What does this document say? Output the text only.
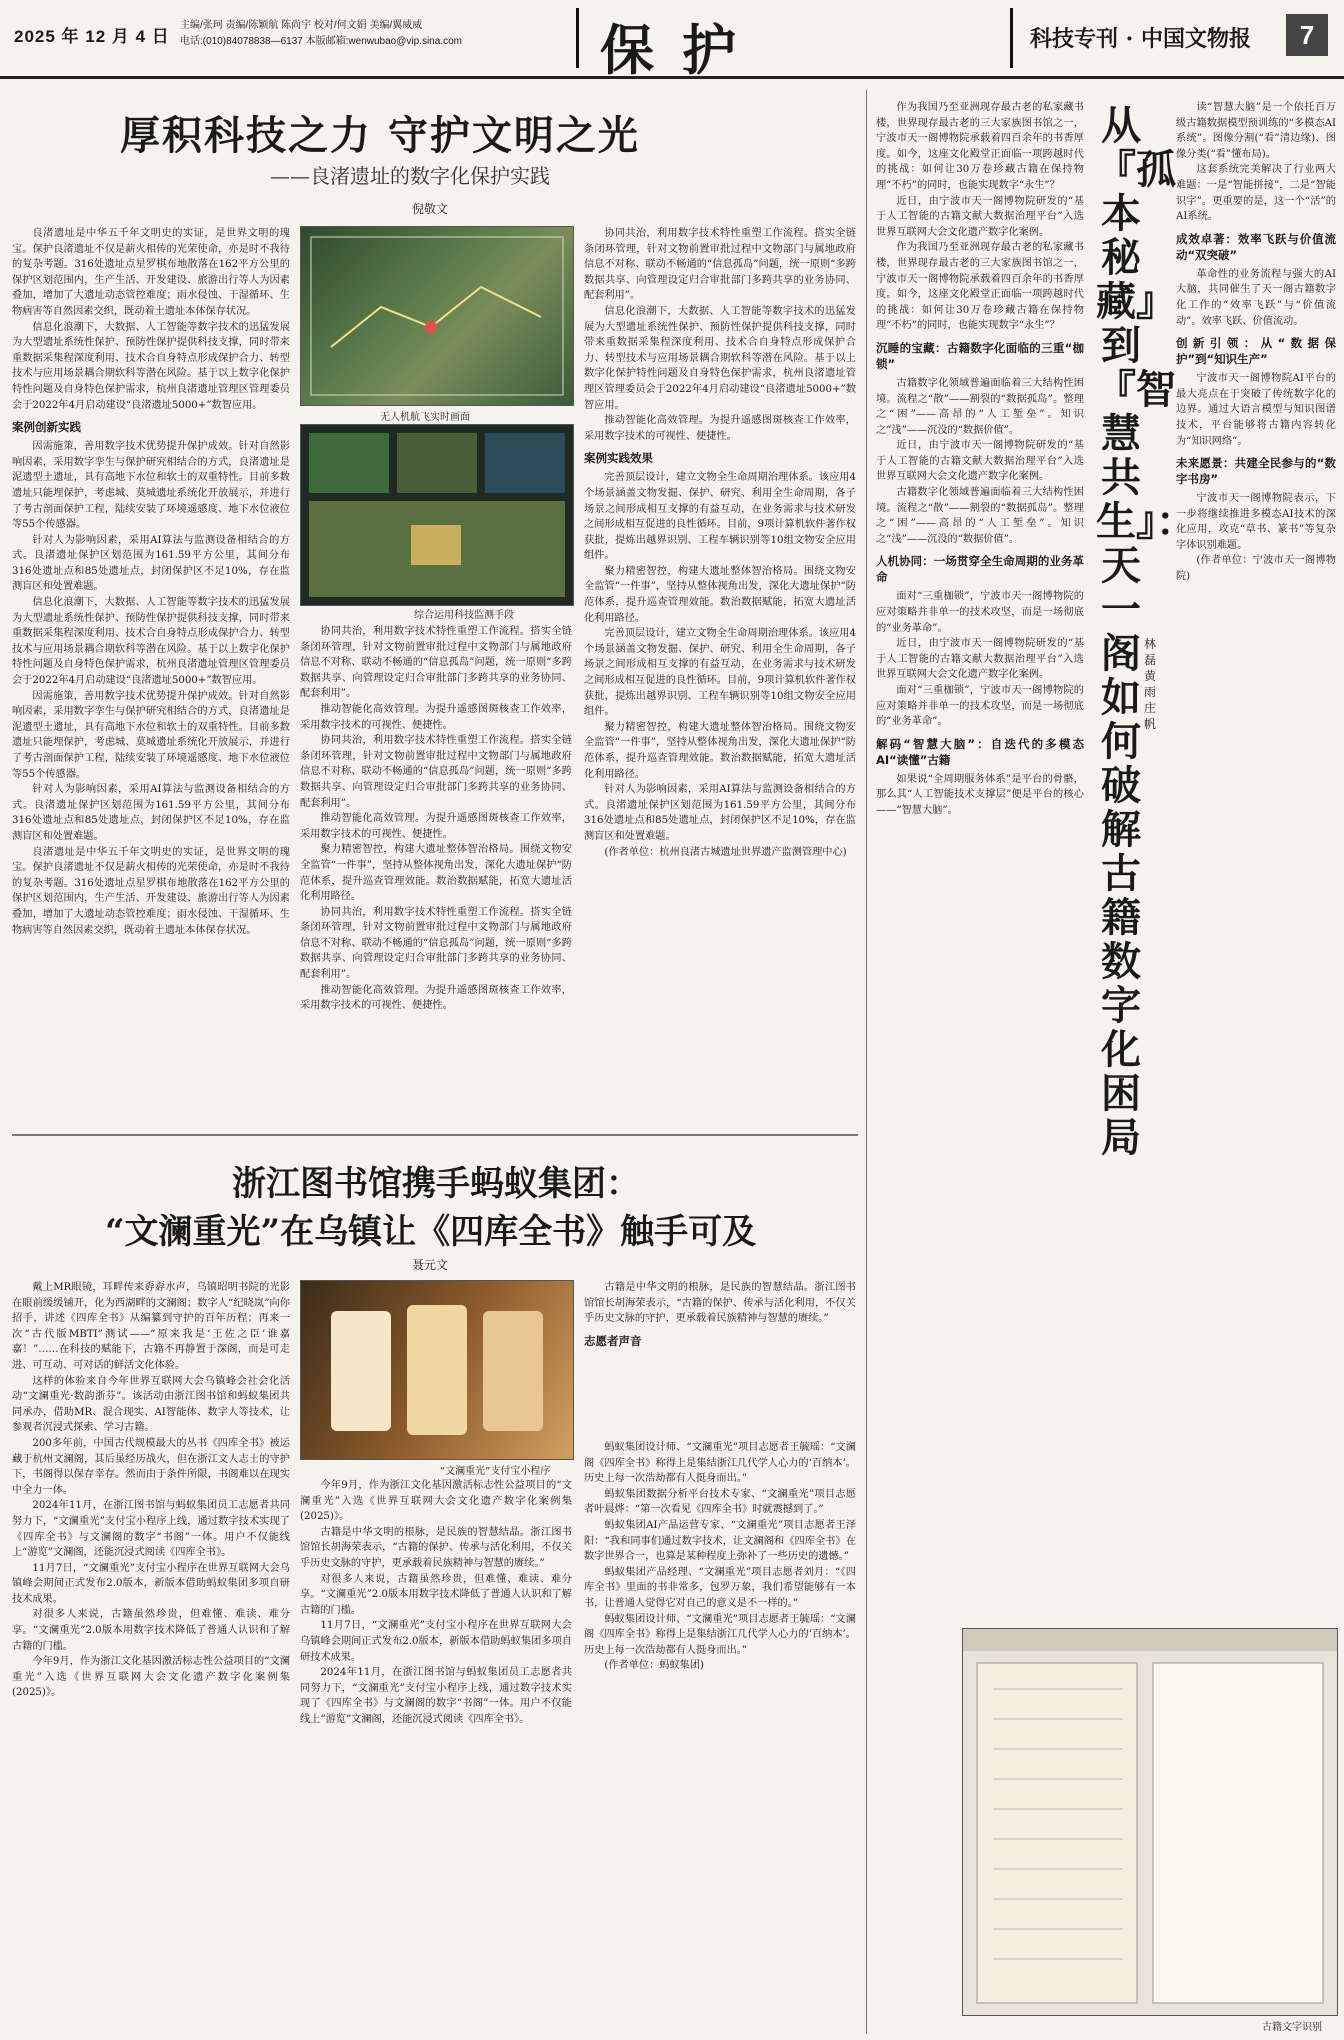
2025 年 12 月 4 日
主编/张珂 责编/陈颖航 陈尚宇 校对/何文娟 美编/翼威威
电话:(010)84078838—6137 本版邮箱:wenwubao@vip.sina.com	保护	科技专刊 · 中国文物报	7
厚积科技之力 守护文明之光
——良渚遗址的数字化保护实践
倪敬文

良渚遗址是中华五千年文明史的实证，是世界文明的瑰宝。保护良渚遗址不仅是薪火相传的光荣使命，亦是时不我待的复杂考题。316处遗址点星罗棋布地散落在162平方公里的保护区划范围内，生产生活、开发建设、旅游出行等人为因素叠加，增加了大遗址动态管控难度；雨水侵蚀、干湿循环、生物病害等自然因素交织，既动着土遗址本体保存状况。

信息化浪潮下，大数据、人工智能等数字技术的迅猛发展为大型遗址系统性保护、预防性保护提供科技支撑，同时带来重数据采集程深度利用、技术合自身特点形成保护合力、转型技术与应用场景耦合期软科等潜在风险。基于以上数字化保护特性问题及自身特色保护需求，杭州良渚遗址管理区管理委员会于2022年4月启动建设“良渚遗址5000+”数智应用。

案例创新实践

因需施策，善用数字技术优势提升保护成效。针对自然影响因素，采用数字孪生与保护研究相结合的方式，良渚遗址是泥遗型土遗址，具有高地下水位和软土的双重特性。目前多数遗址只能埋保护，考虑城、莫城遗址系统化开放展示，并进行了考古剖面保护工程，陆续安装了环境遥感度、地下水位液位等55个传感器。

针对人为影响因素，采用AI算法与监测设备相结合的方式。良渚遗址保护区划范围为161.59平方公里，其间分布316处遗址点和85处遗址点，封闭保护区不足10%，存在监测盲区和处置难题。

信息化浪潮下，大数据、人工智能等数字技术的迅猛发展为大型遗址系统性保护、预防性保护提供科技支撑，同时带来重数据采集程深度利用、技术合自身特点形成保护合力、转型技术与应用场景耦合期软科等潜在风险。基于以上数字化保护特性问题及自身特色保护需求，杭州良渚遗址管理区管理委员会于2022年4月启动建设“良渚遗址5000+”数智应用。

因需施策，善用数字技术优势提升保护成效。针对自然影响因素，采用数字孪生与保护研究相结合的方式，良渚遗址是泥遗型土遗址，具有高地下水位和软土的双重特性。目前多数遗址只能埋保护，考虑城、莫城遗址系统化开放展示，并进行了考古剖面保护工程，陆续安装了环境遥感度、地下水位液位等55个传感器。

针对人为影响因素，采用AI算法与监测设备相结合的方式。良渚遗址保护区划范围为161.59平方公里，其间分布316处遗址点和85处遗址点，封闭保护区不足10%，存在监测盲区和处置难题。

良渚遗址是中华五千年文明史的实证，是世界文明的瑰宝。保护良渚遗址不仅是薪火相传的光荣使命，亦是时不我待的复杂考题。316处遗址点星罗棋布地散落在162平方公里的保护区划范围内，生产生活、开发建设、旅游出行等人为因素叠加，增加了大遗址动态管控难度；雨水侵蚀、干湿循环、生物病害等自然因素交织，既动着土遗址本体保存状况。

无人机航飞实时画面
综合运用科技监测手段

协同共治，利用数字技术特性重塑工作流程。搭实全链条闭环管理，针对文物前置审批过程中文物部门与属地政府信息不对称、联动不畅通的“信息孤岛”问题，统一原则“多跨数据共享、向管理设定归合审批部门多跨共享的业务协同、配套利用”。

推动智能化高效管理。为提升遥感图斑核查工作效率，采用数字技术的可视性、便捷性。

协同共治，利用数字技术特性重塑工作流程。搭实全链条闭环管理，针对文物前置审批过程中文物部门与属地政府信息不对称、联动不畅通的“信息孤岛”问题，统一原则“多跨数据共享、向管理设定归合审批部门多跨共享的业务协同、配套利用”。

推动智能化高效管理。为提升遥感图斑核查工作效率，采用数字技术的可视性、便捷性。

聚力精密智控，构建大遗址整体智治格局。围绕文物安全监管“一件事”，坚持从整体视角出发，深化大遗址保护“防范体系，提升巡查管理效能。数治数据赋能，拓宽大遗址活化利用路径。

协同共治，利用数字技术特性重塑工作流程。搭实全链条闭环管理，针对文物前置审批过程中文物部门与属地政府信息不对称、联动不畅通的“信息孤岛”问题，统一原则“多跨数据共享、向管理设定归合审批部门多跨共享的业务协同、配套利用”。

推动智能化高效管理。为提升遥感图斑核查工作效率，采用数字技术的可视性、便捷性。

协同共治，利用数字技术特性重塑工作流程。搭实全链条闭环管理，针对文物前置审批过程中文物部门与属地政府信息不对称、联动不畅通的“信息孤岛”问题，统一原则“多跨数据共享、向管理设定归合审批部门多跨共享的业务协同、配套利用”。

信息化浪潮下，大数据、人工智能等数字技术的迅猛发展为大型遗址系统性保护、预防性保护提供科技支撑，同时带来重数据采集程深度利用、技术合自身特点形成保护合力、转型技术与应用场景耦合期软科等潜在风险。基于以上数字化保护特性问题及自身特色保护需求，杭州良渚遗址管理区管理委员会于2022年4月启动建设“良渚遗址5000+”数智应用。

推动智能化高效管理。为提升遥感图斑核查工作效率，采用数字技术的可视性、便捷性。

案例实践效果

完善顶层设计，建立文物全生命周期治理体系。该应用4个场景涵盖文物发掘、保护、研究、利用全生命周期，各子场景之间形成相互支撑的有益互动，在业务需求与技术研发之间形成相互促进的良性循环。目前，9项计算机软件著作权获批，提炼出越界识别、工程车辆识别等10组文物安全应用组件。

聚力精密智控，构建大遗址整体智治格局。围绕文物安全监管“一件事”，坚持从整体视角出发，深化大遗址保护“防范体系，提升巡查管理效能。数治数据赋能，拓宽大遗址活化利用路径。

完善顶层设计，建立文物全生命周期治理体系。该应用4个场景涵盖文物发掘、保护、研究、利用全生命周期，各子场景之间形成相互支撑的有益互动，在业务需求与技术研发之间形成相互促进的良性循环。目前，9项计算机软件著作权获批，提炼出越界识别、工程车辆识别等10组文物安全应用组件。

聚力精密智控，构建大遗址整体智治格局。围绕文物安全监管“一件事”，坚持从整体视角出发，深化大遗址保护“防范体系，提升巡查管理效能。数治数据赋能，拓宽大遗址活化利用路径。

针对人为影响因素，采用AI算法与监测设备相结合的方式。良渚遗址保护区划范围为161.59平方公里，其间分布316处遗址点和85处遗址点，封闭保护区不足10%，存在监测盲区和处置难题。

(作者单位：杭州良渚古城遗址世界遗产监测管理中心)

浙江图书馆携手蚂蚁集团：
“文澜重光”在乌镇让《四库全书》触手可及
聂元文

戴上MR眼镜，耳畔传来孬孬水声，乌镇昭明书院的光影在眼前缓缓铺开，化为西湖畔的文澜阁；数字人“纪晓岚”向你招手，讲述《四库全书》从编纂到守护的百年历程；再来一次“古代版MBTI”测试——“原来我是‘王佐之臣’谁嘉嘉！”……在科技的赋能下，古籍不再静置于深阁，而是可走进、可互动、可对话的鲜活文化体验。

这样的体验来自今年世界互联网大会乌镇峰会社会化活动“文澜重光·数韵浙芬”。该活动由浙江图书馆和蚂蚁集团共同承办，借助MR、混合现实、AI智能体、数字人等技术，让参观者沉浸式探索、学习古籍。

200多年前，中国古代规模最大的丛书《四库全书》被运藏于杭州文澜阁，其后虽经历战火，但在浙江文人志士的守护下，书阁得以保存幸存。然而由于条件所限，书阁难以在现实中全力一体。

2024年11月，在浙江图书馆与蚂蚁集团员工志愿者共同努力下，“文澜重光”支付宝小程序上线，通过数字技术实现了《四库全书》与文澜阁的数字“书阁”一体。用户不仅能线上“游览”文澜阁，还能沉浸式阅读《四库全书》。

11月7日，“文澜重光”支付宝小程序在世界互联网大会乌镇峰会期间正式发布2.0版本，新版本借助蚂蚁集团多项自研技术成果。

对很多人来说，古籍虽然珍贵，但难懂、难读、难分享。“文澜重光”2.0版本用数字技术降低了普通人认识和了解古籍的门槛。

今年9月，作为浙江文化基因激活标志性公益项目的“文澜重光”入选《世界互联网大会文化遗产数字化案例集(2025)》。

“文澜重光”支付宝小程序

古籍是中华文明的根脉，是民族的智慧结晶。浙江图书馆馆长胡海荣表示，“古籍的保护、传承与活化利用，不仅关乎历史文脉的守护，更承载着民族精神与智慧的赓续。”

志愿者声音

今年9月，作为浙江文化基因激活标志性公益项目的“文澜重光”入选《世界互联网大会文化遗产数字化案例集(2025)》。

古籍是中华文明的根脉，是民族的智慧结晶。浙江图书馆馆长胡海荣表示，“古籍的保护、传承与活化利用，不仅关乎历史文脉的守护，更承载着民族精神与智慧的赓续。”

对很多人来说，古籍虽然珍贵，但难懂、难读、难分享。“文澜重光”2.0版本用数字技术降低了普通人认识和了解古籍的门槛。

11月7日，“文澜重光”支付宝小程序在世界互联网大会乌镇峰会期间正式发布2.0版本，新版本借助蚂蚁集团多项自研技术成果。

2024年11月，在浙江图书馆与蚂蚁集团员工志愿者共同努力下，“文澜重光”支付宝小程序上线，通过数字技术实现了《四库全书》与文澜阁的数字“书阁”一体。用户不仅能线上“游览”文澜阁，还能沉浸式阅读《四库全书》。

蚂蚁集团设计师、“文澜重光”项目志愿者王毓瑶：“文澜阁《四库全书》称得上是集结浙江几代学人心力的‘百纳本’。历史上每一次浩劫都有人挺身而出。”

蚂蚁集团数据分析平台技术专家、“文澜重光”项目志愿者叶晨烨：“第一次看见《四库全书》时就震撼到了。”

蚂蚁集团AI产品运营专家、“文澜重光”项目志愿者王泽阳：“我和同事们通过数字技术，让文澜阁和《四库全书》在数字世界合一，也算是某种程度上弥补了一些历史的遗憾。”

蚂蚁集团产品经理、“文澜重光”项目志愿者刘月：“《四库全书》里面的书非常多，包罗万象，我们希望能够有一本书，让普通人觉得它对自己的意义是不一样的。”

蚂蚁集团设计师、“文澜重光”项目志愿者王毓瑶：“文澜阁《四库全书》称得上是集结浙江几代学人心力的‘百纳本’。历史上每一次浩劫都有人挺身而出。”

(作者单位：蚂蚁集团)

作为我国乃至亚洲现存最古老的私家藏书楼，世界现存最古老的三大家族图书馆之一，宁波市天一阁博物院承载着四百余年的书香厚度。如今，这座文化殿堂正面临一项跨越时代的挑战：如何让30万卷珍藏古籍在保持物理“不朽”的同时，也能实现数字“永生”？

近日，由宁波市天一阁博物院研发的“基于人工智能的古籍文献大数据治理平台”入选世界互联网大会文化遗产数字化案例。

作为我国乃至亚洲现存最古老的私家藏书楼，世界现存最古老的三大家族图书馆之一，宁波市天一阁博物院承载着四百余年的书香厚度。如今，这座文化殿堂正面临一项跨越时代的挑战：如何让30万卷珍藏古籍在保持物理“不朽”的同时，也能实现数字“永生”？

沉睡的宝藏：古籍数字化面临的三重“枷锁”

古籍数字化领域普遍面临着三大结构性困境。流程之“散”——割裂的“数据孤岛”。整理之“困”——高昂的“人工堑垒”。知识之“浅”——沉没的“数据价值”。

近日，由宁波市天一阁博物院研发的“基于人工智能的古籍文献大数据治理平台”入选世界互联网大会文化遗产数字化案例。

古籍数字化领域普遍面临着三大结构性困境。流程之“散”——割裂的“数据孤岛”。整理之“困”——高昂的“人工堑垒”。知识之“浅”——沉没的“数据价值”。

人机协同：一场贯穿全生命周期的业务革命

面对“三重枷锁”，宁波市天一阁博物院的应对策略并非单一的技术攻坚，而是一场彻底的“业务革命”。

近日，由宁波市天一阁博物院研发的“基于人工智能的古籍文献大数据治理平台”入选世界互联网大会文化遗产数字化案例。

面对“三重枷锁”，宁波市天一阁博物院的应对策略并非单一的技术攻坚，而是一场彻底的“业务革命”。

解码“智慧大脑”：自迭代的多模态AI“读懂”古籍

如果说“全周期服务体系”是平台的骨骼，那么其“人工智能技术支撑层”便是平台的核心——“智慧大脑”。

从『孤本秘藏』到『智慧共生』：天一阁如何破解古籍数字化困局
林磊 黄雨 庄帆

读“智慧大脑”是一个依托百万级古籍数据模型预训练的“多模态AI系统”。图像分割(“看”清边缘)、图像分类(“看”懂布局)。

这套系统完美解决了行业两大难题：一是“智能拼接”，二是“智能识字”。更重要的是，这一个“活”的AI系统。

成效卓著：效率飞跃与价值流动“双突破”

革命性的业务流程与强大的AI大脑，共同催生了天一阁古籍数字化工作的“效率飞跃”与“价值流动”。效率飞跃、价值流动。

创新引领：从“数据保护”到“知识生产”

宁波市天一阁博物院AI平台的最大亮点在于突破了传统数字化的边界。通过大语言模型与知识图谱技术，平台能够将古籍内容转化为“知识网络”。

未来愿景：共建全民参与的“数字书房”

宁波市天一阁博物院表示，下一步将继续推进多模态AI技术的深化应用，攻克“草书、篆书”等复杂字体识别难题。

(作者单位：宁波市天一阁博物院)

古籍文字识别
